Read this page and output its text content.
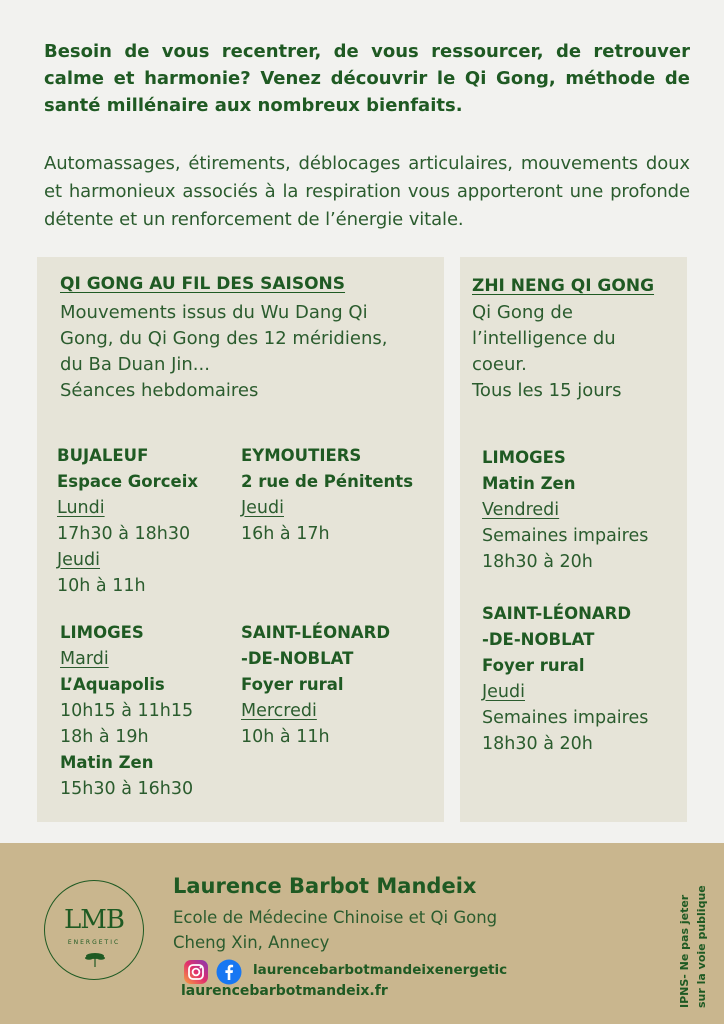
Besoin de vous recentrer, de vous ressourcer, de retrouver calme et harmonie? Venez découvrir le Qi Gong, méthode de santé millénaire aux nombreux bienfaits.

Automassages, étirements, déblocages articulaires, mouvements doux et harmonieux associés à la respiration vous apporteront une profonde détente et un renforcement de l’énergie vitale.

QI GONG AU FIL DES SAISONS
Mouvements issus du Wu Dang Qi
Gong, du Qi Gong des 12 méridiens,
du Ba Duan Jin...
Séances hebdomaires
BUJALEUF
Espace Gorceix
Lundi
17h30 à 18h30
Jeudi
10h à 11h
EYMOUTIERS
2 rue de Pénitents
Jeudi
16h à 17h
LIMOGES
Mardi
L’Aquapolis
10h15 à 11h15
18h à 19h
Matin Zen
15h30 à 16h30
SAINT-LÉONARD
-DE-NOBLAT
Foyer rural
Mercredi
10h à 11h
ZHI NENG QI GONG
Qi Gong de
l’intelligence du
coeur.
Tous les 15 jours
LIMOGES
Matin Zen
Vendredi
Semaines impaires
18h30 à 20h
SAINT-LÉONARD
-DE-NOBLAT
Foyer rural
Jeudi
Semaines impaires
18h30 à 20h
LMB
ENERGETIC
Laurence Barbot Mandeix
Ecole de Médecine Chinoise et Qi Gong
Cheng Xin, Annecy
laurencebarbotmandeixenergetic
laurencebarbotmandeix.fr	IPNS- Ne pas jeter sur la voie publique
